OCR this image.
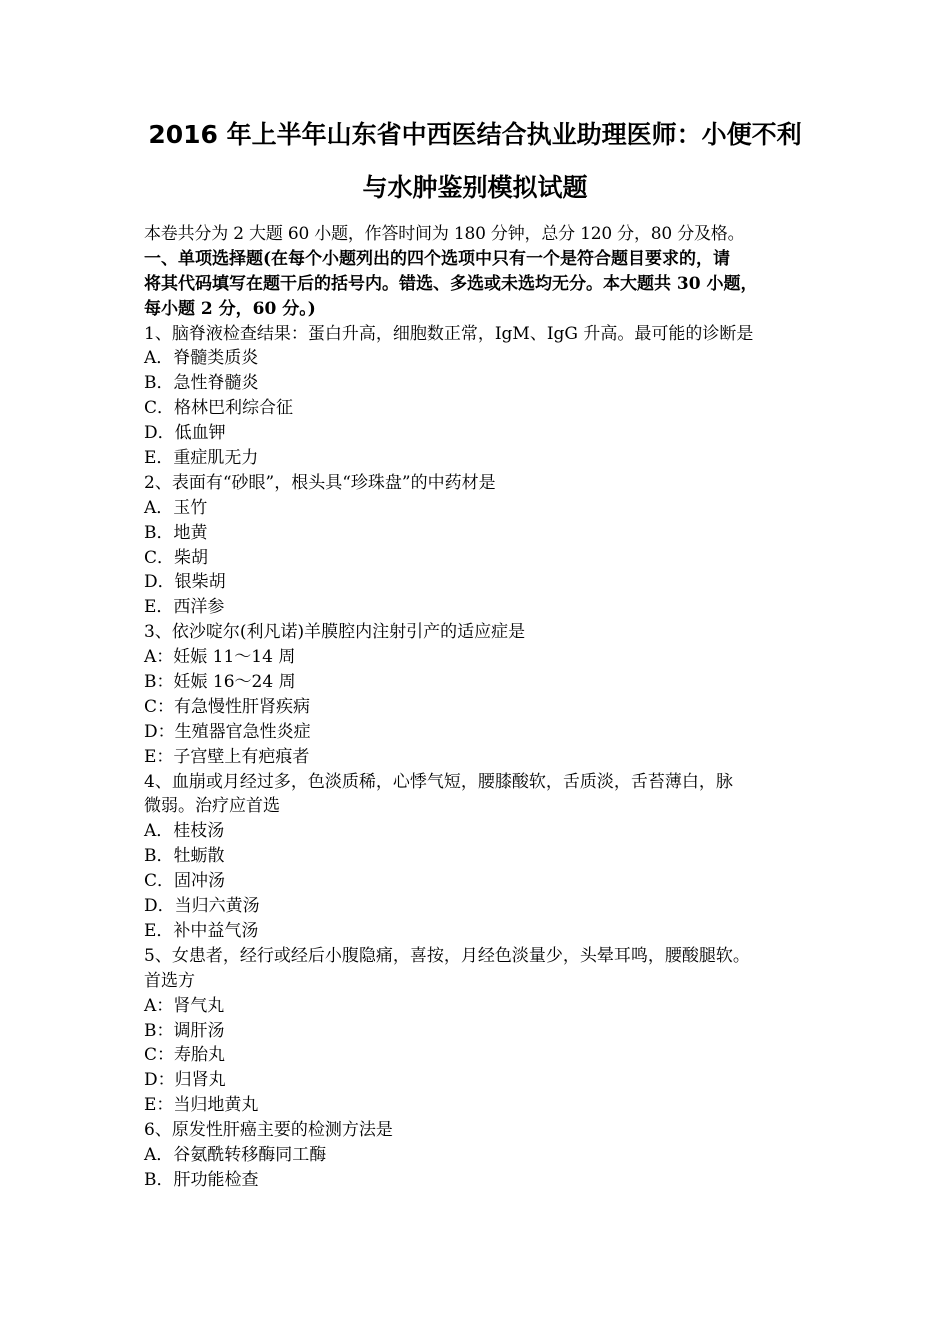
2016 年上半年山东省中西医结合执业助理医师：小便不利
与水肿鉴别模拟试题
本卷共分为 2 大题 60 小题，作答时间为 180 分钟，总分 120 分，80 分及格。
一、单项选择题(在每个小题列出的四个选项中只有一个是符合题目要求的，请
将其代码填写在题干后的括号内。错选、多选或未选均无分。本大题共 30 小题，
每小题 2 分，60 分。)
1、脑脊液检查结果：蛋白升高，细胞数正常，IgM、IgG 升高。最可能的诊断是
A．脊髓类质炎
B．急性脊髓炎
C．格林巴利综合征
D．低血钾
E．重症肌无力
2、表面有“砂眼”，根头具“珍珠盘”的中药材是
A．玉竹
B．地黄
C．柴胡
D．银柴胡
E．西洋参
3、依沙啶尔(利凡诺)羊膜腔内注射引产的适应症是
A：妊娠 11～14 周
B：妊娠 16～24 周
C：有急慢性肝肾疾病
D：生殖器官急性炎症
E：子宫壁上有疤痕者
4、血崩或月经过多，色淡质稀，心悸气短，腰膝酸软，舌质淡，舌苔薄白，脉
微弱。治疗应首选
A．桂枝汤
B．牡蛎散
C．固冲汤
D．当归六黄汤
E．补中益气汤
5、女患者，经行或经后小腹隐痛，喜按，月经色淡量少，头晕耳鸣，腰酸腿软。
首选方
A：肾气丸
B：调肝汤
C：寿胎丸
D：归肾丸
E：当归地黄丸
6、原发性肝癌主要的检测方法是
A．谷氨酰转移酶同工酶
B．肝功能检查
